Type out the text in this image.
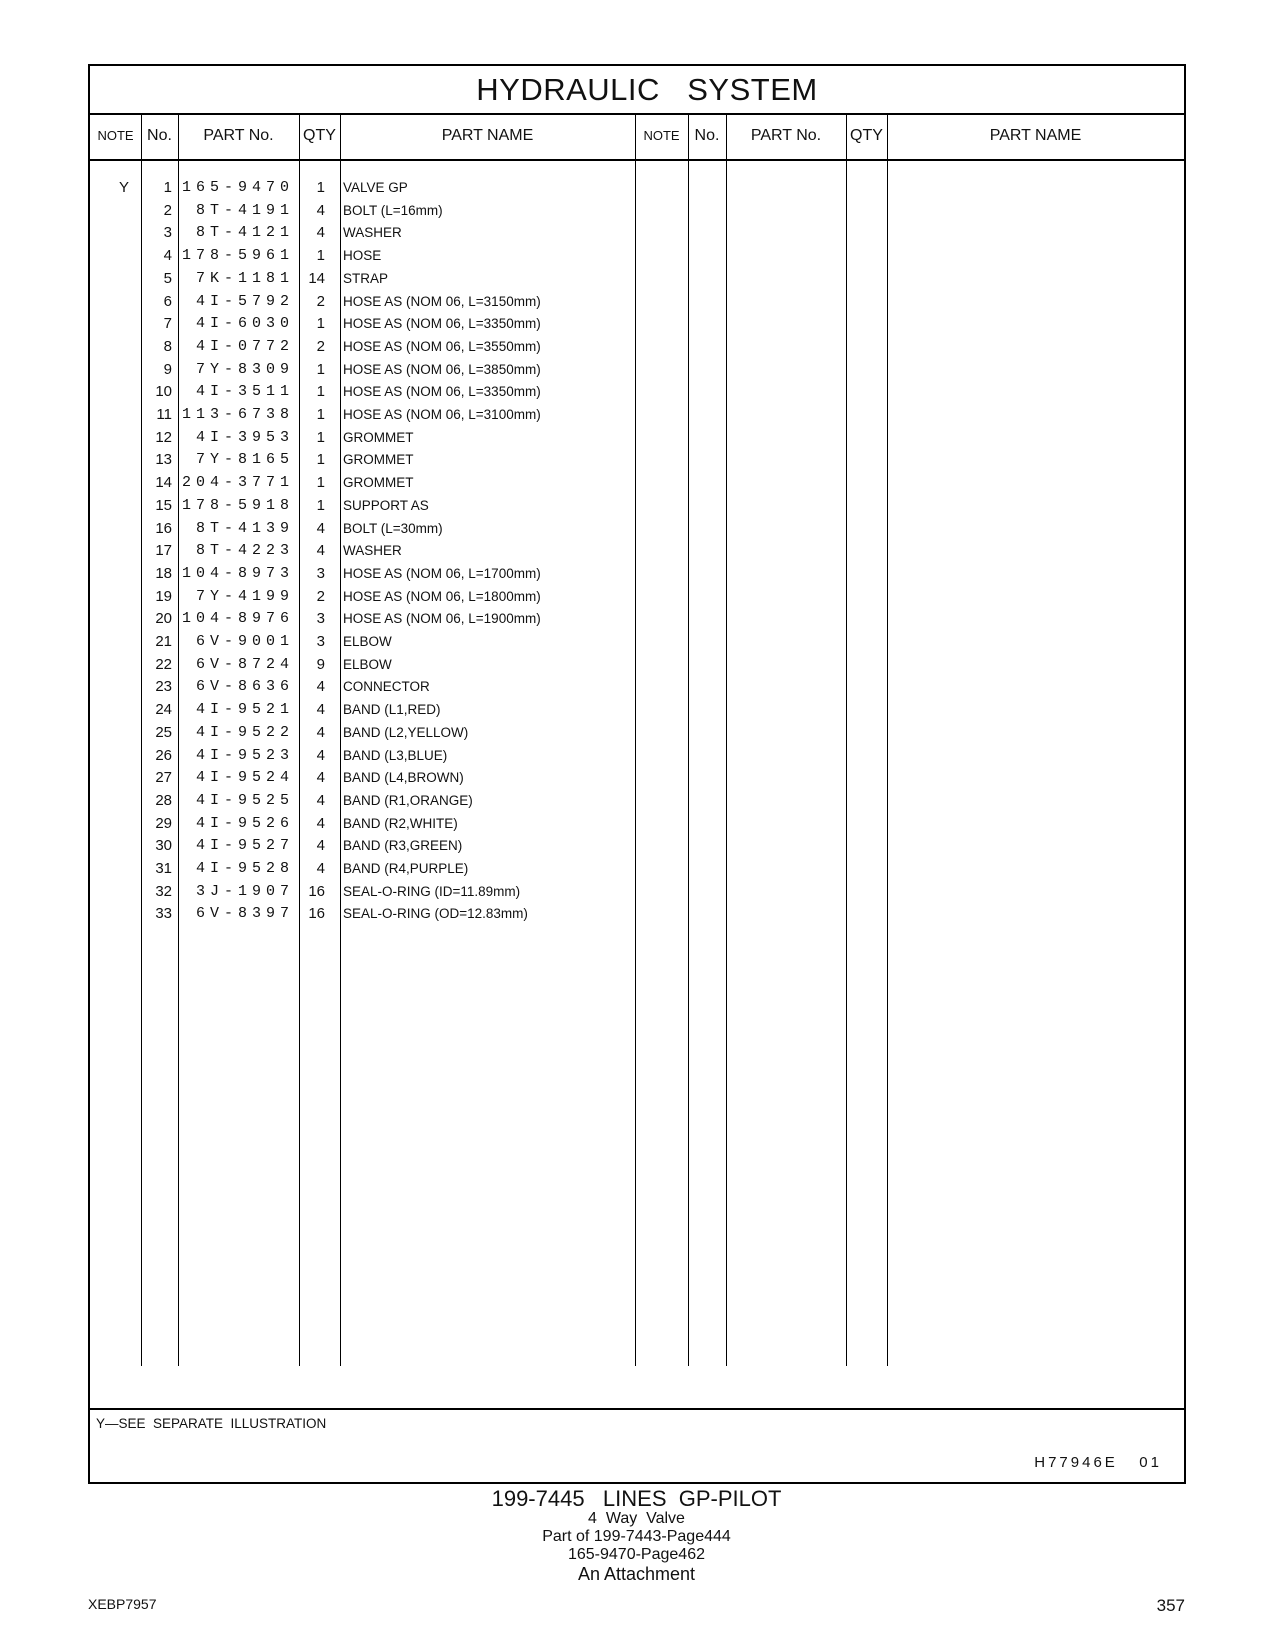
HYDRAULIC   SYSTEM
NOTE No.	PART No.	QTY	PART NAME	NOTE No.	PART No.	QTY	PART NAME
Y	1 165-9470	1 VALVE GP
2	8T-4191	4 BOLT (L=16mm)
3	8T-4121	4 WASHER
4 178-5961	1 HOSE
5	7K-1181 14 STRAP
6	4I-5792	2 HOSE AS (NOM 06, L=3150mm)
7	4I-6030	1 HOSE AS (NOM 06, L=3350mm)
8	4I-0772	2 HOSE AS (NOM 06, L=3550mm)
9	7Y-8309	1 HOSE AS (NOM 06, L=3850mm)
10	4I-3511	1 HOSE AS (NOM 06, L=3350mm)
11 113-6738	1 HOSE AS (NOM 06, L=3100mm)
12	4I-3953	1 GROMMET
13	7Y-8165	1 GROMMET
14 204-3771	1 GROMMET
15 178-5918	1 SUPPORT AS
16	8T-4139	4 BOLT (L=30mm)
17	8T-4223	4 WASHER
18 104-8973	3 HOSE AS (NOM 06, L=1700mm)
19	7Y-4199	2 HOSE AS (NOM 06, L=1800mm)
20 104-8976	3 HOSE AS (NOM 06, L=1900mm)
21	6V-9001	3 ELBOW
22	6V-8724	9 ELBOW
23	6V-8636	4 CONNECTOR
24	4I-9521	4 BAND (L1,RED)
25	4I-9522	4 BAND (L2,YELLOW)
26	4I-9523	4 BAND (L3,BLUE)
27	4I-9524	4 BAND (L4,BROWN)
28	4I-9525	4 BAND (R1,ORANGE)
29	4I-9526	4 BAND (R2,WHITE)
30	4I-9527	4 BAND (R3,GREEN)
31	4I-9528	4 BAND (R4,PURPLE)
32	3J-1907 16 SEAL-O-RING (ID=11.89mm)
33	6V-8397 16 SEAL-O-RING (OD=12.83mm)
Y—SEE  SEPARATE  ILLUSTRATION
H77946E   01
199-7445   LINES  GP-PILOT
4  Way  Valve
Part of 199-7443-Page444
165-9470-Page462
An Attachment
XEBP7957	357
